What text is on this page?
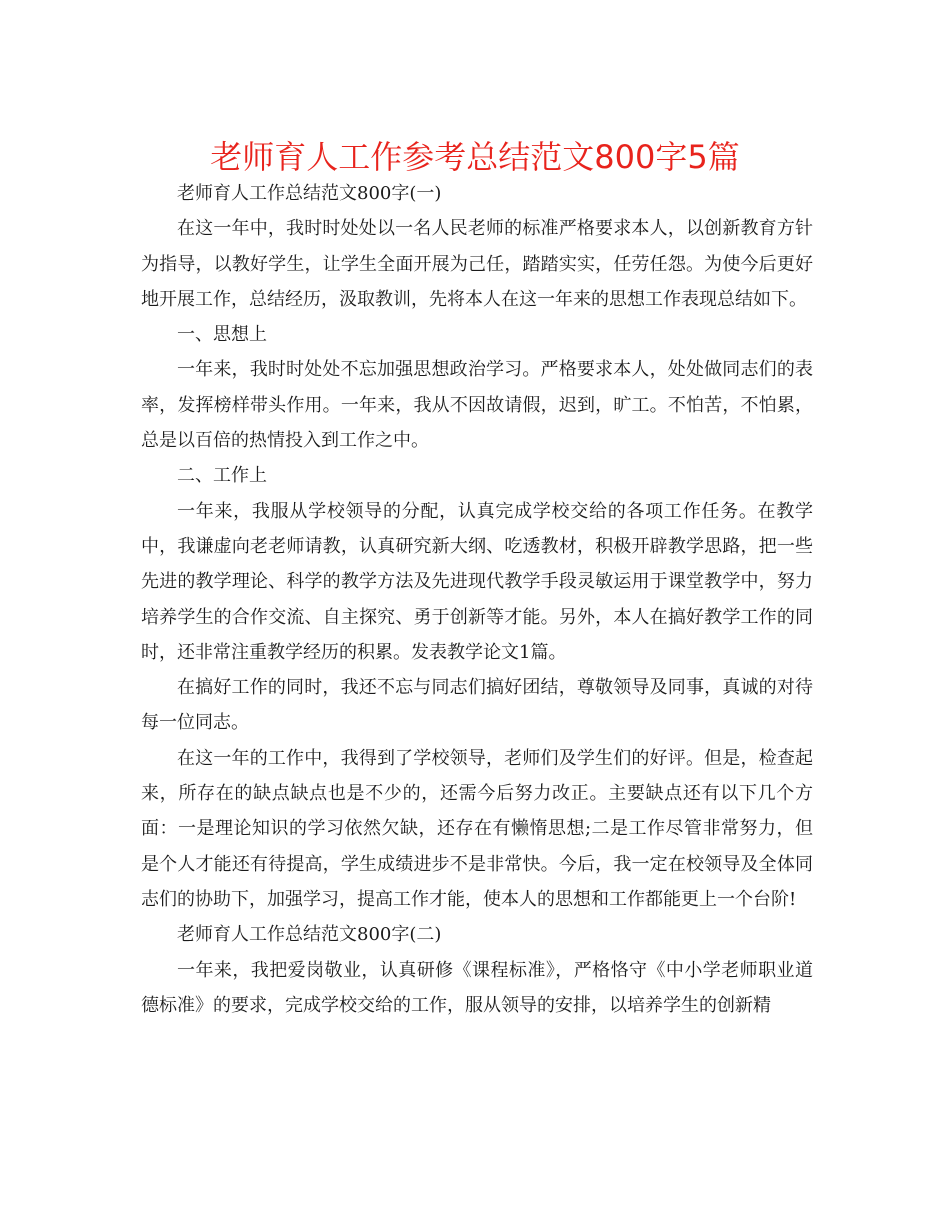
老师育人工作参考总结范文800字5篇

老师育人工作总结范文800字(一)

在这一年中，我时时处处以一名人民老师的标准严格要求本人，以创新教育方针为指导，以教好学生，让学生全面开展为己任，踏踏实实，任劳任怨。为使今后更好地开展工作，总结经历，汲取教训，先将本人在这一年来的思想工作表现总结如下。

一、思想上

一年来，我时时处处不忘加强思想政治学习。严格要求本人，处处做同志们的表率，发挥榜样带头作用。一年来，我从不因故请假，迟到，旷工。不怕苦，不怕累，总是以百倍的热情投入到工作之中。

二、工作上

一年来，我服从学校领导的分配，认真完成学校交给的各项工作任务。在教学中，我谦虚向老老师请教，认真研究新大纲、吃透教材，积极开辟教学思路，把一些先进的教学理论、科学的教学方法及先进现代教学手段灵敏运用于课堂教学中，努力培养学生的合作交流、自主探究、勇于创新等才能。另外，本人在搞好教学工作的同时，还非常注重教学经历的积累。发表教学论文1篇。

在搞好工作的同时，我还不忘与同志们搞好团结，尊敬领导及同事，真诚的对待每一位同志。

在这一年的工作中，我得到了学校领导，老师们及学生们的好评。但是，检查起来，所存在的缺点缺点也是不少的，还需今后努力改正。主要缺点还有以下几个方面：一是理论知识的学习依然欠缺，还存在有懒惰思想;二是工作尽管非常努力，但是个人才能还有待提高，学生成绩进步不是非常快。今后，我一定在校领导及全体同志们的协助下，加强学习，提高工作才能，使本人的思想和工作都能更上一个台阶!

老师育人工作总结范文800字(二)

一年来，我把爱岗敬业，认真研修《课程标准》，严格恪守《中小学老师职业道德标准》的要求，完成学校交给的工作，服从领导的安排，以培养学生的创新精
